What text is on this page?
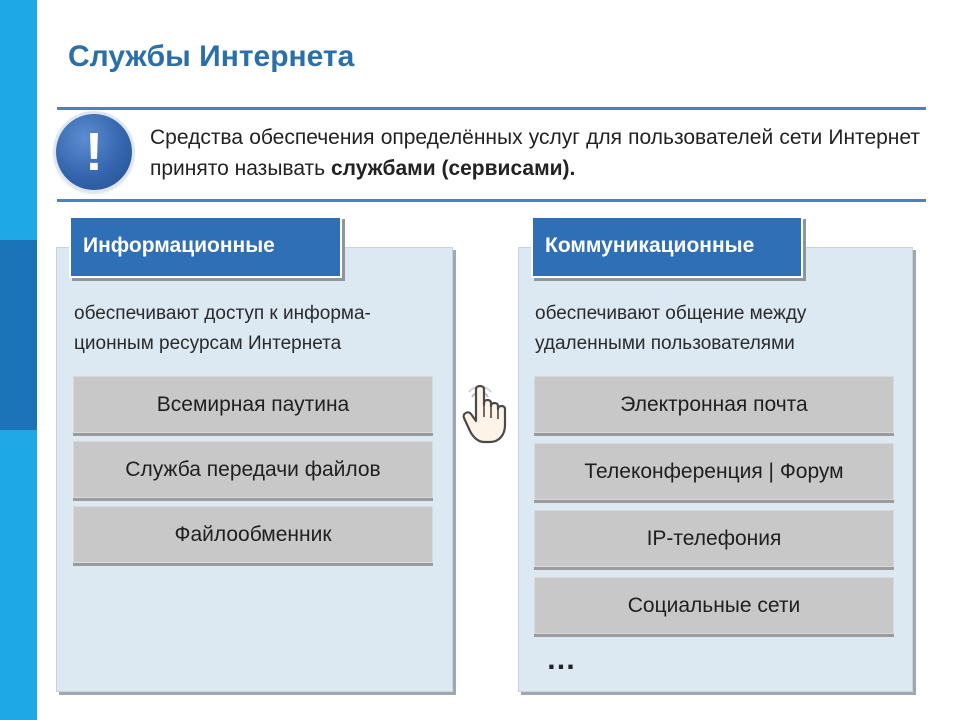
Службы Интернета
!	Средства обеспечения определённых услуг для пользователей сети Интернет принято называть службами (сервисами).

Информационные

обеспечивают доступ к информа-
ционным ресурсам Интернета

Всемирная паутина
Служба передачи файлов
Файлообменник
Коммуникационные

обеспечивают общение между
удаленными пользователями

Электронная почта
Телеконференция | Форум
IP-телефония
Социальные сети
…
